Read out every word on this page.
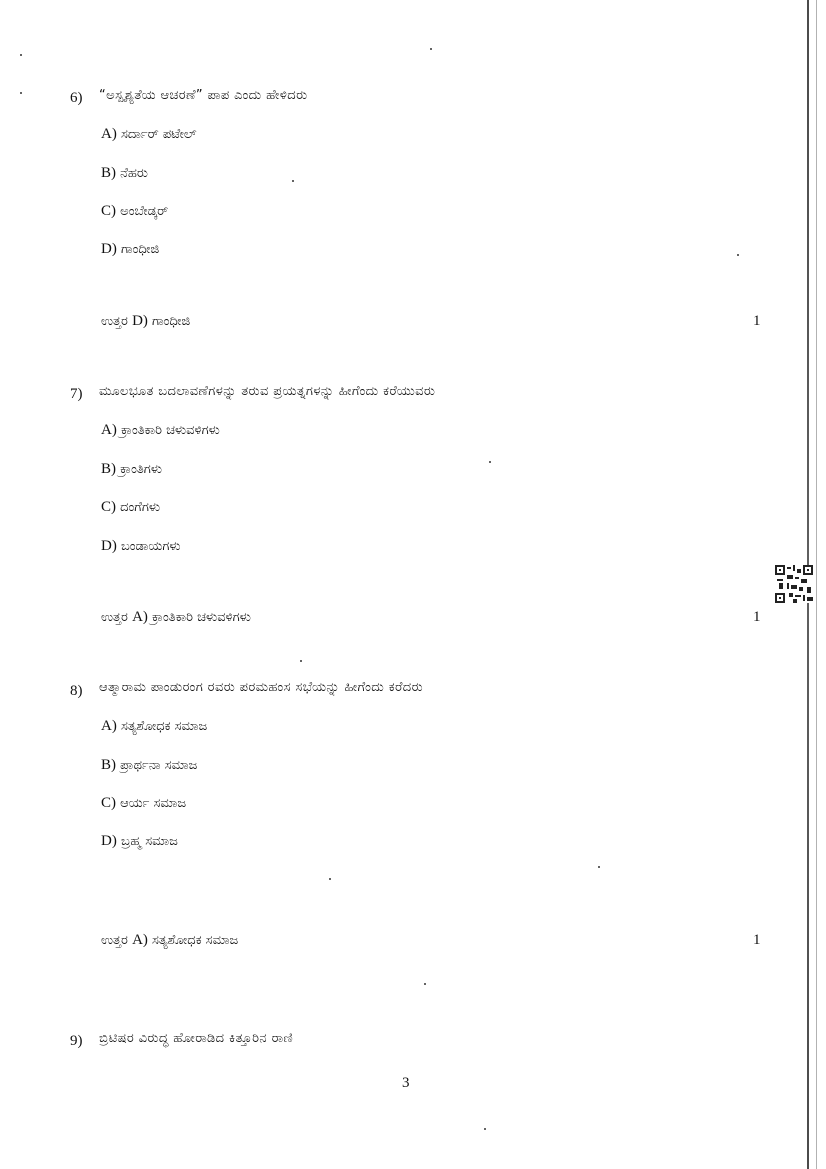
6) “ಅಸ್ಪೃಶ್ಯತೆಯ ಆಚರಣೆ” ಪಾಪ ಎಂದು ಹೇಳಿದರು
A) ಸರ್ದಾರ್ ಪಟೇಲ್
B) ನೆಹರು
C) ಅಂಬೇಡ್ಕರ್
D) ಗಾಂಧೀಜಿ
ಉತ್ತರ D) ಗಾಂಧೀಜಿ	1
7) ಮೂಲಭೂತ ಬದಲಾವಣೆಗಳನ್ನು ತರುವ ಪ್ರಯತ್ನಗಳನ್ನು ಹೀಗೆಂದು ಕರೆಯುವರು
A) ಕ್ರಾಂತಿಕಾರಿ ಚಳುವಳಿಗಳು
B) ಕ್ರಾಂತಿಗಳು
C) ದಂಗೆಗಳು
D) ಬಂಡಾಯಗಳು
ಉತ್ತರ A) ಕ್ರಾಂತಿಕಾರಿ ಚಳುವಳಿಗಳು	1
8) ಆತ್ಮಾರಾಮ ಪಾಂಡುರಂಗ ರವರು ಪರಮಹಂಸ ಸಭೆಯನ್ನು ಹೀಗೆಂದು ಕರೆದರು
A) ಸತ್ಯಶೋಧಕ ಸಮಾಜ
B) ಪ್ರಾರ್ಥನಾ ಸಮಾಜ
C) ಆರ್ಯ ಸಮಾಜ
D) ಬ್ರಹ್ಮ ಸಮಾಜ
ಉತ್ತರ A) ಸತ್ಯಶೋಧಕ ಸಮಾಜ	1
9) ಬ್ರಿಟಿಷರ ವಿರುದ್ಧ ಹೋರಾಡಿದ ಕಿತ್ತೂರಿನ ರಾಣಿ
3
